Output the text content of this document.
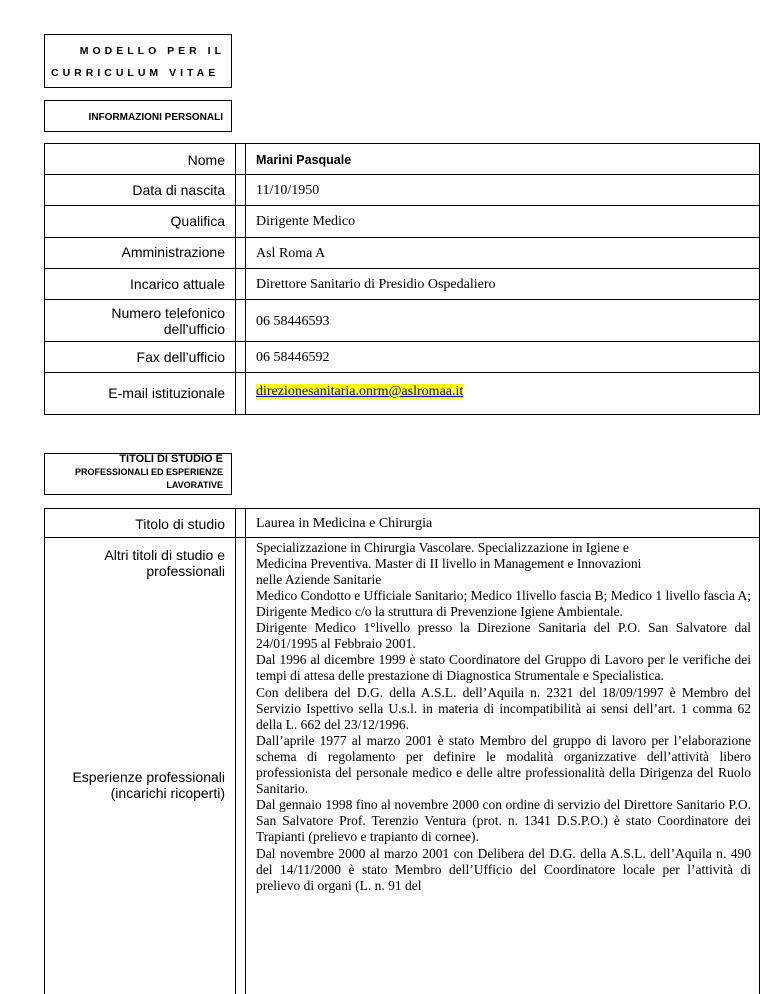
MODELLO PER IL
CURRICULUM VITAE
INFORMAZIONI PERSONALI
Nome Marini Pasquale
Data di nascita 11/10/1950
Qualifica Dirigente Medico
Amministrazione Asl Roma A
Incarico attuale Direttore Sanitario di Presidio Ospedaliero
Numero telefonico
dell’ufficio 06 58446593
Fax dell’ufficio 06 58446592
E-mail istituzionale direzionesanitaria.onrm@aslromaa.it
TITOLI DI STUDIO E
PROFESSIONALI ED ESPERIENZE
LAVORATIVE
Titolo di studio Laurea in Medicina e Chirurgia
Altri titoli di studio e
professionali

Specializzazione in Chirurgia Vascolare. Specializzazione in Igiene e

Medicina Preventiva. Master di II livello in Management e Innovazioni

nelle Aziende Sanitarie

Esperienze professionali
(incarichi ricoperti)

Medico Condotto e Ufficiale Sanitario; Medico 1livello fascia B; Medico 1 livello fascia A; Dirigente Medico c/o la struttura di Prevenzione Igiene Ambientale.

Dirigente Medico 1°livello presso la Direzione Sanitaria del P.O. San Salvatore dal 24/01/1995 al Febbraio 2001.

Dal 1996 al dicembre 1999 è stato Coordinatore del Gruppo di Lavoro per le verifiche dei tempi di attesa delle prestazione di Diagnostica Strumentale e Specialistica.

Con delibera del D.G. della A.S.L. dell’Aquila n. 2321 del 18/09/1997 è Membro del Servizio Ispettivo sella U.s.l. in materia di incompatibilità ai sensi dell’art. 1 comma 62 della L. 662 del 23/12/1996.

Dall’aprile 1977 al marzo 2001 è stato Membro del gruppo di lavoro per l’elaborazione schema di regolamento per definire le modalità organizzative dell’attività libero professionista del personale medico e delle altre professionalità della Dirigenza del Ruolo Sanitario.

Dal gennaio 1998 fino al novembre 2000 con ordine di servizio del Direttore Sanitario P.O. San Salvatore Prof. Terenzio Ventura (prot. n. 1341 D.S.P.O.) è stato Coordinatore dei Trapianti (prelievo e trapianto di cornee).

Dal novembre 2000 al marzo 2001 con Delibera del D.G. della A.S.L. dell’Aquila n. 490 del 14/11/2000 è stato Membro dell’Ufficio del Coordinatore locale per l’attività di prelievo di organi (L. n. 91 del
